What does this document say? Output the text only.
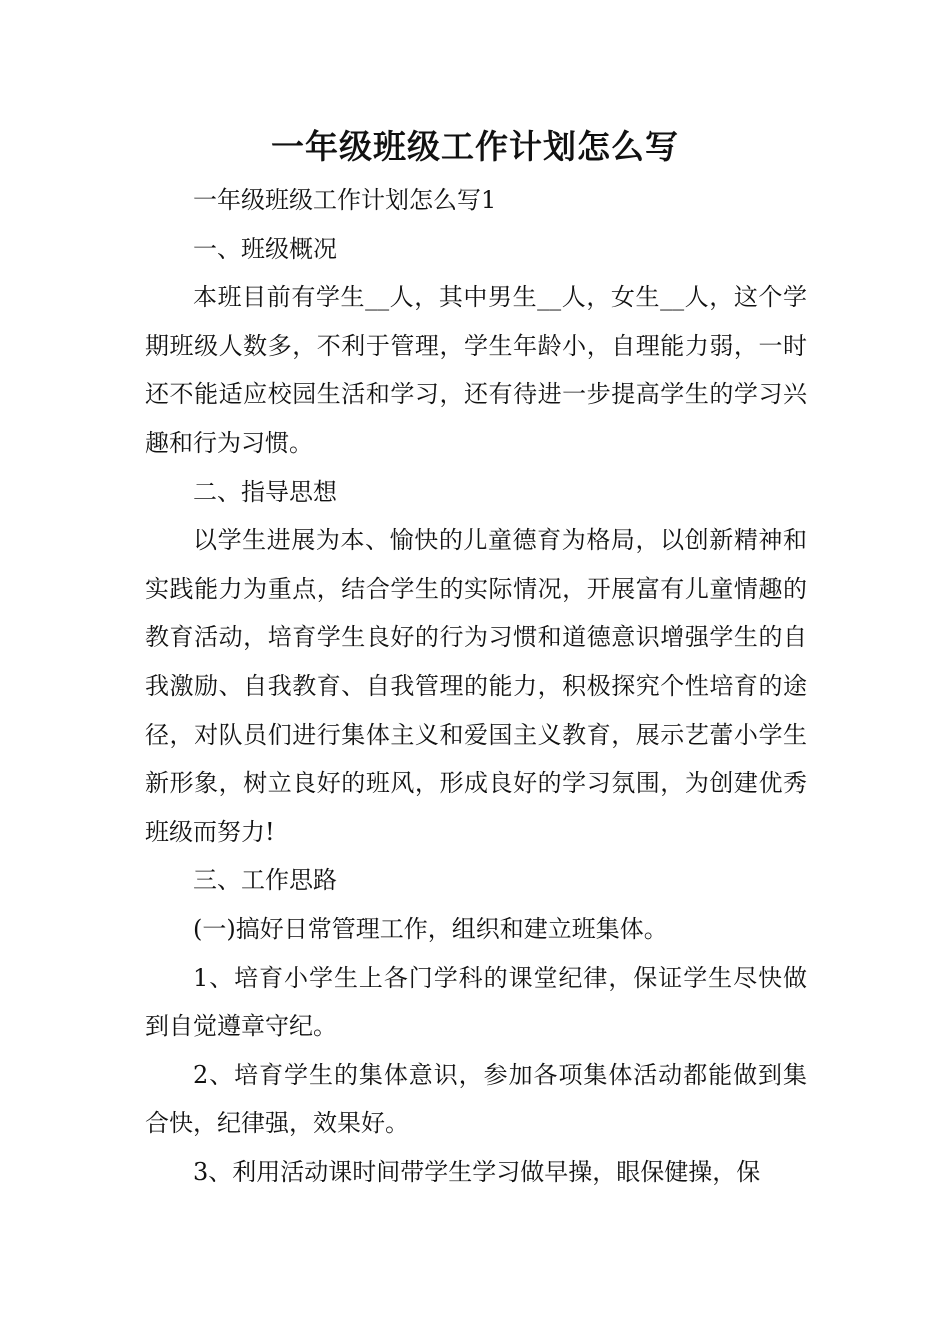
一年级班级工作计划怎么写

一年级班级工作计划怎么写1

一、班级概况

本班目前有学生__人，其中男生__人，女生__人，这个学期班级人数多，不利于管理，学生年龄小，自理能力弱，一时还不能适应校园生活和学习，还有待进一步提高学生的学习兴趣和行为习惯。

二、指导思想

以学生进展为本、愉快的儿童德育为格局，以创新精神和实践能力为重点，结合学生的实际情况，开展富有儿童情趣的教育活动，培育学生良好的行为习惯和道德意识增强学生的自我激励、自我教育、自我管理的能力，积极探究个性培育的途径，对队员们进行集体主义和爱国主义教育，展示艺蕾小学生新形象，树立良好的班风，形成良好的学习氛围，为创建优秀班级而努力!

三、工作思路

(一)搞好日常管理工作，组织和建立班集体。

1、培育小学生上各门学科的课堂纪律，保证学生尽快做到自觉遵章守纪。

2、培育学生的集体意识，参加各项集体活动都能做到集合快，纪律强，效果好。

3、利用活动课时间带学生学习做早操，眼保健操，保
